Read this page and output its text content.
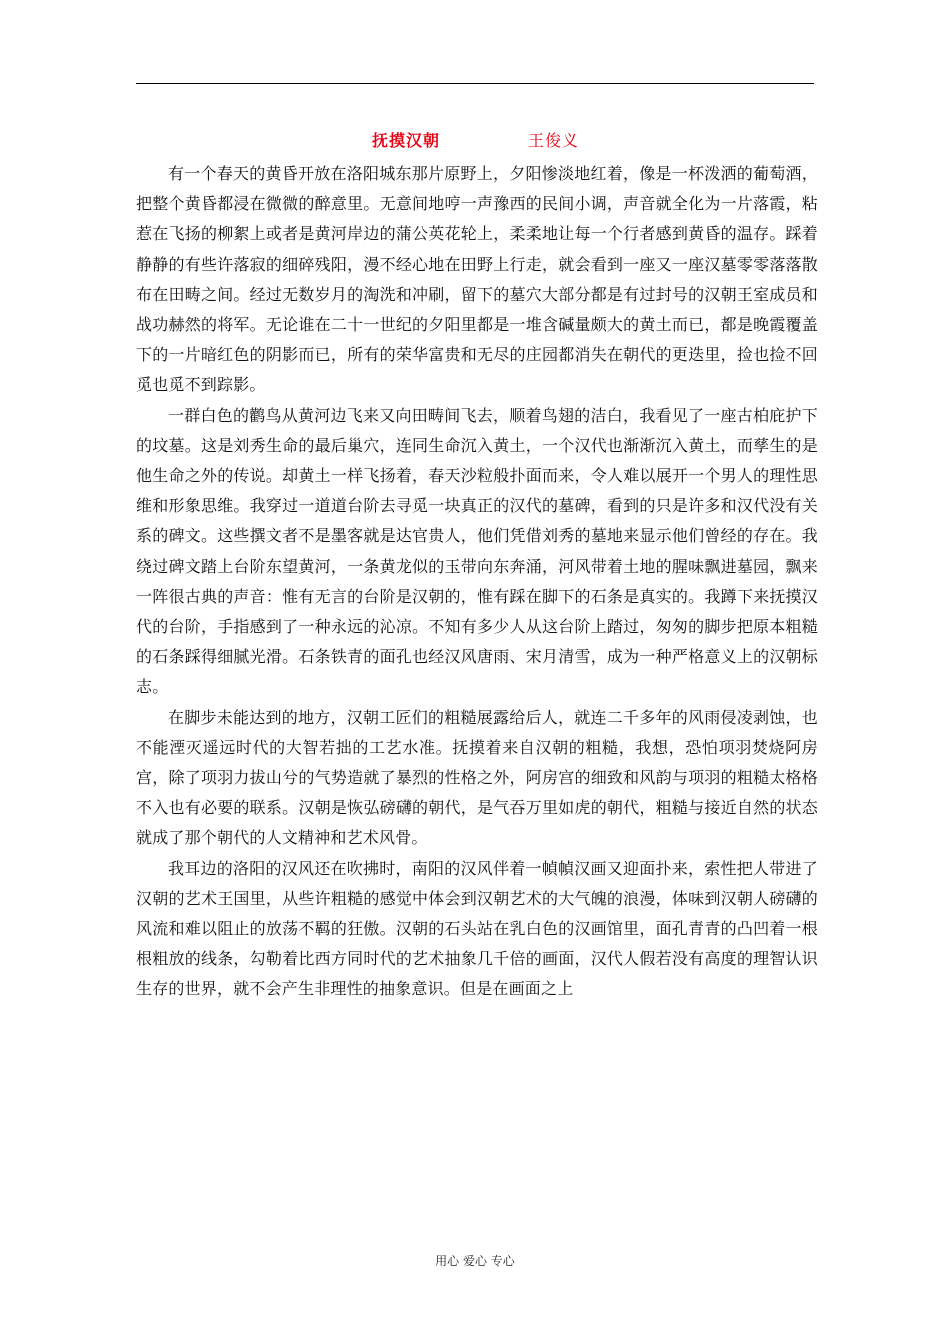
抚摸汉朝	王俊义

有一个春天的黄昏开放在洛阳城东那片原野上，夕阳惨淡地红着，像是一杯泼洒的葡萄酒，把整个黄昏都浸在微微的醉意里。无意间地哼一声豫西的民间小调，声音就全化为一片落霞，粘惹在飞扬的柳絮上或者是黄河岸边的蒲公英花轮上，柔柔地让每一个行者感到黄昏的温存。踩着静静的有些许落寂的细碎残阳，漫不经心地在田野上行走，就会看到一座又一座汉墓零零落落散布在田畴之间。经过无数岁月的淘洗和冲刷，留下的墓穴大部分都是有过封号的汉朝王室成员和战功赫然的将军。无论谁在二十一世纪的夕阳里都是一堆含碱量颇大的黄土而已，都是晚霞覆盖下的一片暗红色的阴影而已，所有的荣华富贵和无尽的庄园都消失在朝代的更迭里，捡也捡不回觅也觅不到踪影。

一群白色的鹳鸟从黄河边飞来又向田畴间飞去，顺着鸟翅的洁白，我看见了一座古柏庇护下的坟墓。这是刘秀生命的最后巢穴，连同生命沉入黄土，一个汉代也渐渐沉入黄土，而孳生的是他生命之外的传说。却黄土一样飞扬着，春天沙粒般扑面而来，令人难以展开一个男人的理性思维和形象思维。我穿过一道道台阶去寻觅一块真正的汉代的墓碑，看到的只是许多和汉代没有关系的碑文。这些撰文者不是墨客就是达官贵人，他们凭借刘秀的墓地来显示他们曾经的存在。我绕过碑文踏上台阶东望黄河，一条黄龙似的玉带向东奔涌，河风带着土地的腥味飘进墓园，飘来一阵很古典的声音：惟有无言的台阶是汉朝的，惟有踩在脚下的石条是真实的。我蹲下来抚摸汉代的台阶，手指感到了一种永远的沁凉。不知有多少人从这台阶上踏过，匆匆的脚步把原本粗糙的石条踩得细腻光滑。石条铁青的面孔也经汉风唐雨、宋月清雪，成为一种严格意义上的汉朝标志。

在脚步未能达到的地方，汉朝工匠们的粗糙展露给后人，就连二千多年的风雨侵凌剥蚀，也不能湮灭遥远时代的大智若拙的工艺水准。抚摸着来自汉朝的粗糙，我想，恐怕项羽焚烧阿房宫，除了项羽力拔山兮的气势造就了暴烈的性格之外，阿房宫的细致和风韵与项羽的粗糙太格格不入也有必要的联系。汉朝是恢弘磅礴的朝代，是气吞万里如虎的朝代，粗糙与接近自然的状态就成了那个朝代的人文精神和艺术风骨。

我耳边的洛阳的汉风还在吹拂时，南阳的汉风伴着一幀幀汉画又迎面扑来，索性把人带进了汉朝的艺术王国里，从些许粗糙的感觉中体会到汉朝艺术的大气魄的浪漫，体味到汉朝人磅礴的风流和难以阻止的放荡不羁的狂傲。汉朝的石头站在乳白色的汉画馆里，面孔青青的凸凹着一根根粗放的线条，勾勒着比西方同时代的艺术抽象几千倍的画面，汉代人假若没有高度的理智认识生存的世界，就不会产生非理性的抽象意识。但是在画面之上

用心 爱心 专心
